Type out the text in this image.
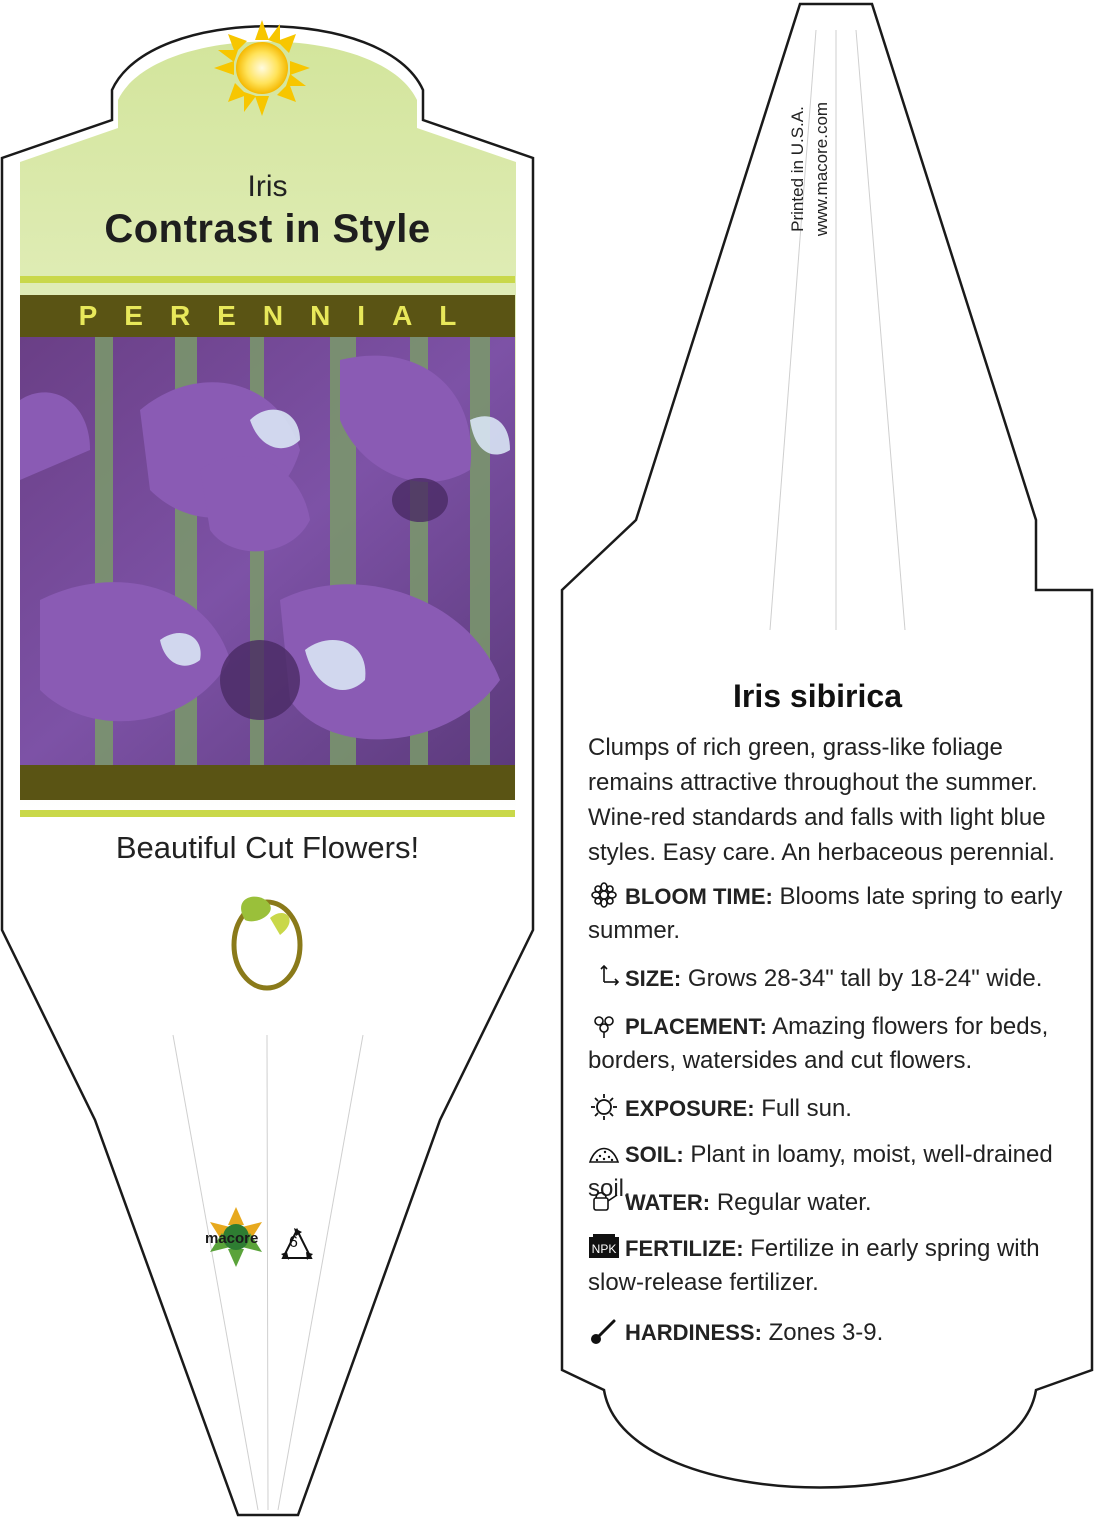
Iris
Contrast in Style
PERENNIAL
Beautiful Cut Flowers!
macore 6
Printed in U.S.A. www.macore.com
Iris sibirica
Clumps of rich green, grass-like foliage remains attractive throughout the summer. Wine-red standards and falls with light blue styles. Easy care. An herbaceous perennial.
BLOOM TIME: Blooms late spring to early summer.
SIZE: Grows 28-34" tall by 18-24" wide.
PLACEMENT: Amazing flowers for beds, borders, watersides and cut flowers.
EXPOSURE: Full sun.
SOIL: Plant in loamy, moist, well-drained soil.
WATER: Regular water.
NPK FERTILIZE: Fertilize in early spring with slow-release fertilizer.
HARDINESS: Zones 3-9.
